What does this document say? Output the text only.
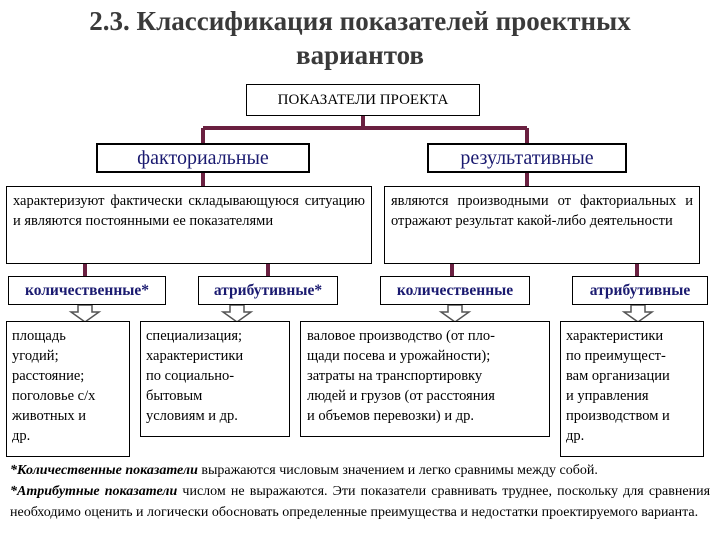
2.3. Классификация показателей проектных
вариантов
ПОКАЗАТЕЛИ ПРОЕКТА
факториальные	результативные
характеризуют фактически складывающуюся ситуацию и являются постоянными ее показателями
являются производными от факториальных и отражают результат какой-либо деятельности
количественные*	атрибутивные*	количественные	атрибутивные
площадь
угодий;
расстояние;
поголовье с/х
животных и
др.
специализация;
характеристики
по социально-
бытовым
условиям и др.
валовое производство (от пло-
щади посева и урожайности);
затраты на транспортировку
людей и грузов (от расстояния
и объемов перевозки) и др.
характеристики
по преимущест-
вам организации
и управления
производством и
др.
*Количественные показатели выражаются числовым значением и легко сравнимы между собой.
*Атрибутные показатели числом не выражаются. Эти показатели сравнивать труднее, поскольку для сравнения необходимо оценить и логически обосновать определенные преимущества и недостатки проектируемого варианта.
